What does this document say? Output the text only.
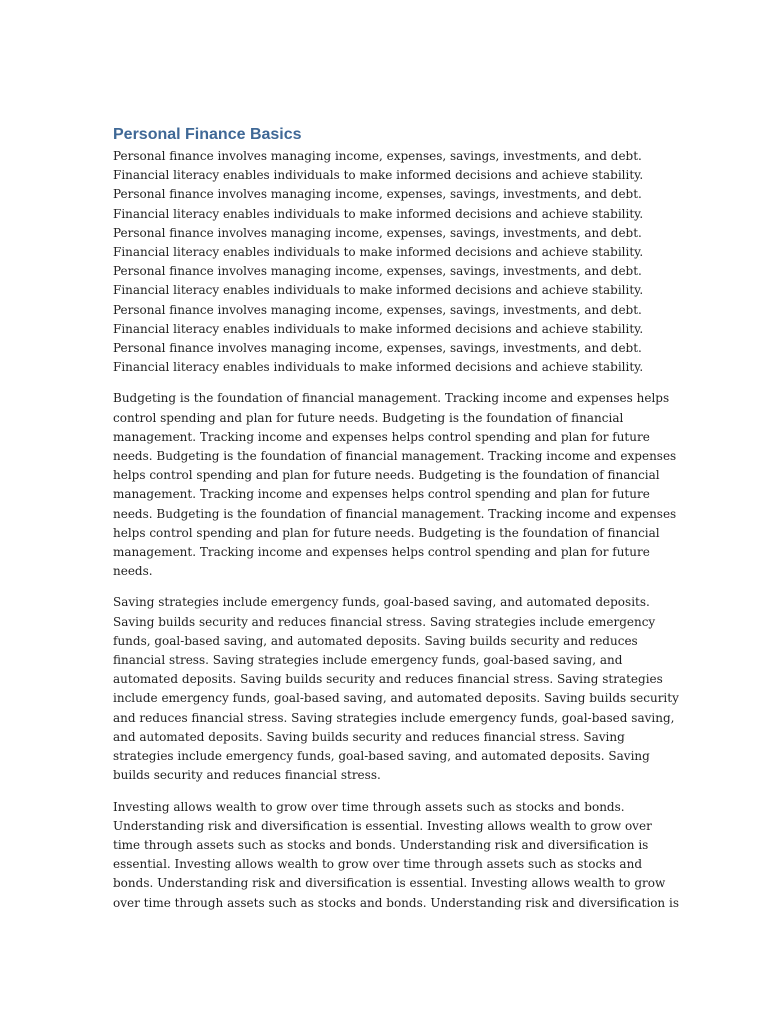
Personal Finance Basics

Personal finance involves managing income, expenses, savings, investments, and debt.
Financial literacy enables individuals to make informed decisions and achieve stability.
Personal finance involves managing income, expenses, savings, investments, and debt.
Financial literacy enables individuals to make informed decisions and achieve stability.
Personal finance involves managing income, expenses, savings, investments, and debt.
Financial literacy enables individuals to make informed decisions and achieve stability.
Personal finance involves managing income, expenses, savings, investments, and debt.
Financial literacy enables individuals to make informed decisions and achieve stability.
Personal finance involves managing income, expenses, savings, investments, and debt.
Financial literacy enables individuals to make informed decisions and achieve stability.
Personal finance involves managing income, expenses, savings, investments, and debt.
Financial literacy enables individuals to make informed decisions and achieve stability.

Budgeting is the foundation of financial management. Tracking income and expenses helps
control spending and plan for future needs. Budgeting is the foundation of financial
management. Tracking income and expenses helps control spending and plan for future
needs. Budgeting is the foundation of financial management. Tracking income and expenses
helps control spending and plan for future needs. Budgeting is the foundation of financial
management. Tracking income and expenses helps control spending and plan for future
needs. Budgeting is the foundation of financial management. Tracking income and expenses
helps control spending and plan for future needs. Budgeting is the foundation of financial
management. Tracking income and expenses helps control spending and plan for future
needs.

Saving strategies include emergency funds, goal-based saving, and automated deposits.
Saving builds security and reduces financial stress. Saving strategies include emergency
funds, goal-based saving, and automated deposits. Saving builds security and reduces
financial stress. Saving strategies include emergency funds, goal-based saving, and
automated deposits. Saving builds security and reduces financial stress. Saving strategies
include emergency funds, goal-based saving, and automated deposits. Saving builds security
and reduces financial stress. Saving strategies include emergency funds, goal-based saving,
and automated deposits. Saving builds security and reduces financial stress. Saving
strategies include emergency funds, goal-based saving, and automated deposits. Saving
builds security and reduces financial stress.

Investing allows wealth to grow over time through assets such as stocks and bonds.
Understanding risk and diversification is essential. Investing allows wealth to grow over
time through assets such as stocks and bonds. Understanding risk and diversification is
essential. Investing allows wealth to grow over time through assets such as stocks and
bonds. Understanding risk and diversification is essential. Investing allows wealth to grow
over time through assets such as stocks and bonds. Understanding risk and diversification is
